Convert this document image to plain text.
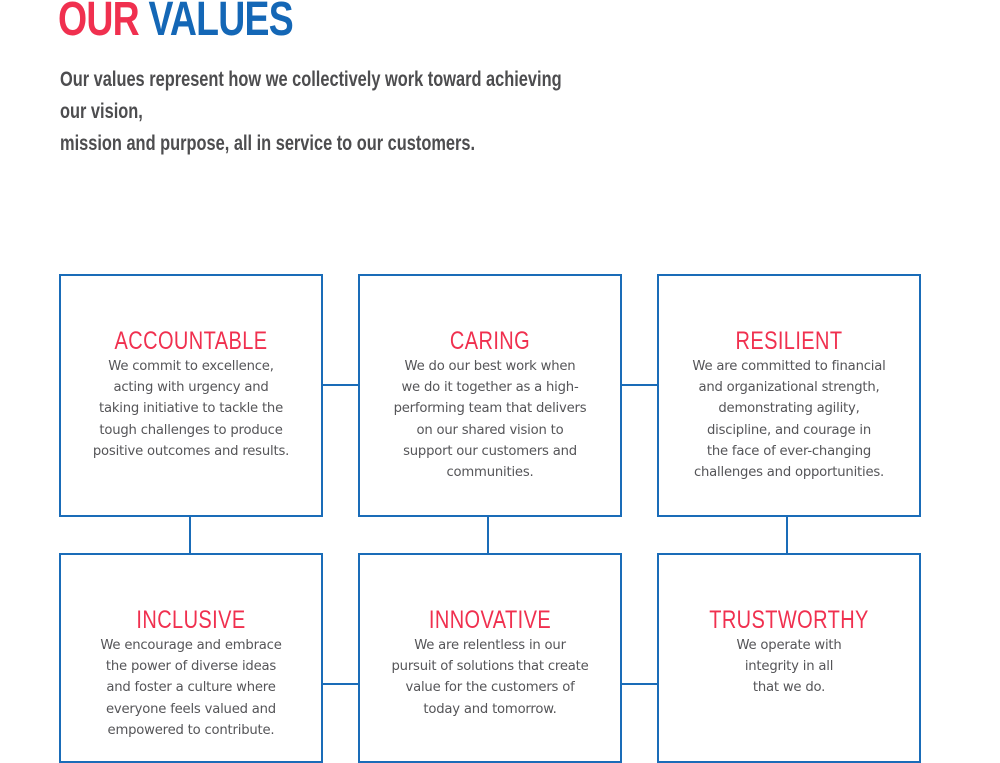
OUR VALUES

Our values represent how we collectively work toward achieving our vision,
mission and purpose, all in service to our customers.

ACCOUNTABLE

We commit to excellence,
acting with urgency and
taking initiative to tackle the
tough challenges to produce
positive outcomes and results.

CARING

We do our best work when
we do it together as a high-
performing team that delivers
on our shared vision to
support our customers and
communities.

RESILIENT

We are committed to financial
and organizational strength,
demonstrating agility,
discipline, and courage in
the face of ever-changing
challenges and opportunities.

INCLUSIVE

We encourage and embrace
the power of diverse ideas
and foster a culture where
everyone feels valued and
empowered to contribute.

INNOVATIVE

We are relentless in our
pursuit of solutions that create
value for the customers of
today and tomorrow.

TRUSTWORTHY

We operate with
integrity in all
that we do.
